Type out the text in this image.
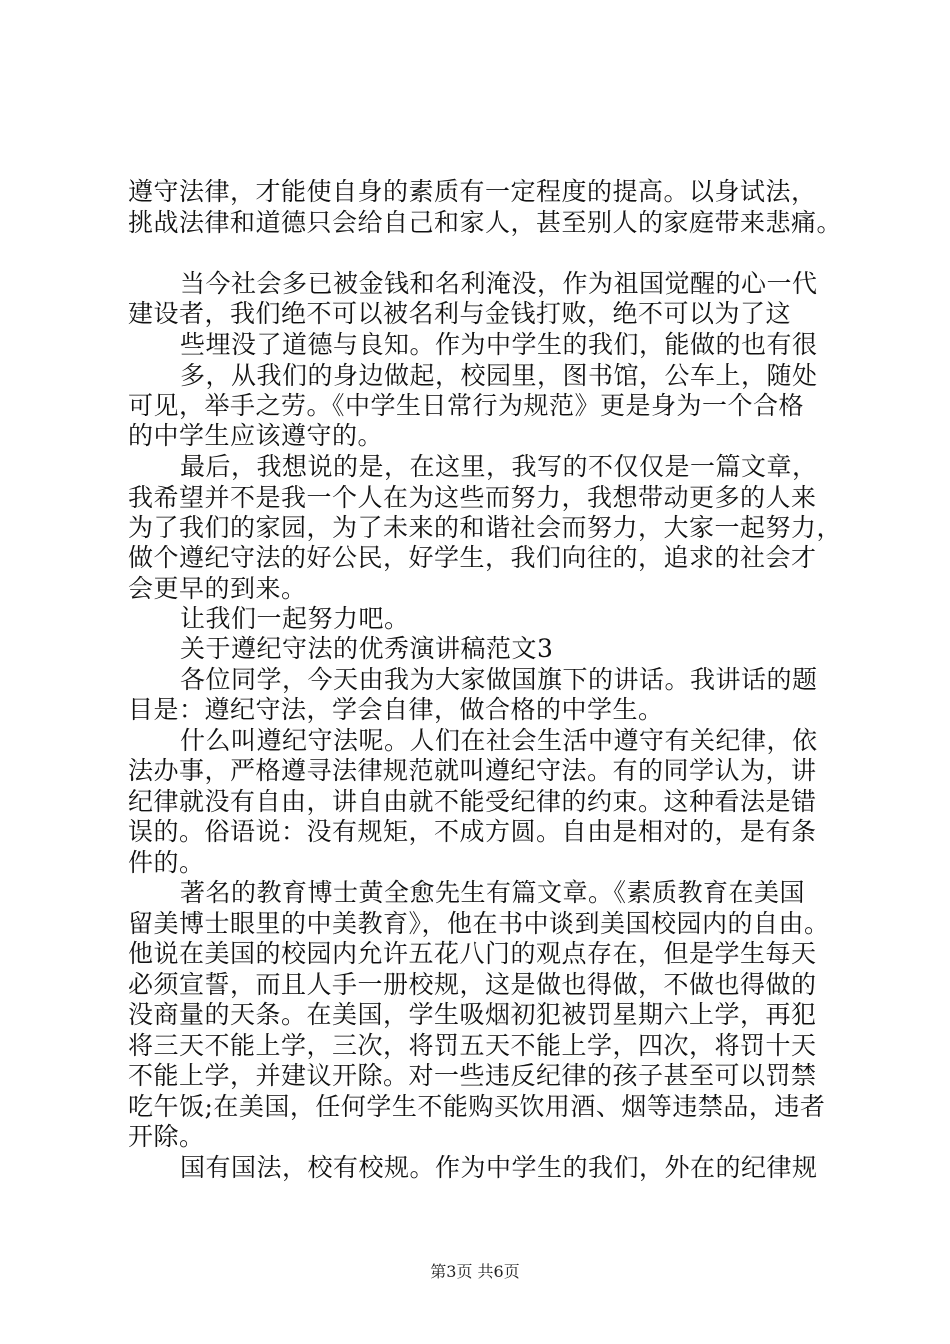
遵守法律，才能使自身的素质有一定程度的提高。以身试法，
挑战法律和道德只会给自己和家人，甚至别人的家庭带来悲痛。
当今社会多已被金钱和名利淹没，作为祖国觉醒的心一代
建设者，我们绝不可以被名利与金钱打败，绝不可以为了这
些埋没了道德与良知。作为中学生的我们，能做的也有很
多，从我们的身边做起，校园里，图书馆，公车上，随处
可见，举手之劳。《中学生日常行为规范》更是身为一个合格
的中学生应该遵守的。
最后，我想说的是，在这里，我写的不仅仅是一篇文章，
我希望并不是我一个人在为这些而努力，我想带动更多的人来
为了我们的家园，为了未来的和谐社会而努力，大家一起努力，
做个遵纪守法的好公民，好学生，我们向往的，追求的社会才
会更早的到来。
让我们一起努力吧。
关于遵纪守法的优秀演讲稿范文3
各位同学，今天由我为大家做国旗下的讲话。我讲话的题
目是：遵纪守法，学会自律，做合格的中学生。
什么叫遵纪守法呢。人们在社会生活中遵守有关纪律，依
法办事，严格遵寻法律规范就叫遵纪守法。有的同学认为，讲
纪律就没有自由，讲自由就不能受纪律的约束。这种看法是错
误的。俗语说：没有规矩，不成方圆。自由是相对的，是有条
件的。
著名的教育博士黄全愈先生有篇文章。《素质教育在美国
留美博士眼里的中美教育》，他在书中谈到美国校园内的自由。
他说在美国的校园内允许五花八门的观点存在，但是学生每天
必须宣誓，而且人手一册校规，这是做也得做，不做也得做的
没商量的天条。在美国，学生吸烟初犯被罚星期六上学，再犯
将三天不能上学，三次，将罚五天不能上学，四次，将罚十天
不能上学，并建议开除。对一些违反纪律的孩子甚至可以罚禁
吃午饭;在美国，任何学生不能购买饮用酒、烟等违禁品，违者
开除。
国有国法，校有校规。作为中学生的我们，外在的纪律规
第3页 共6页
